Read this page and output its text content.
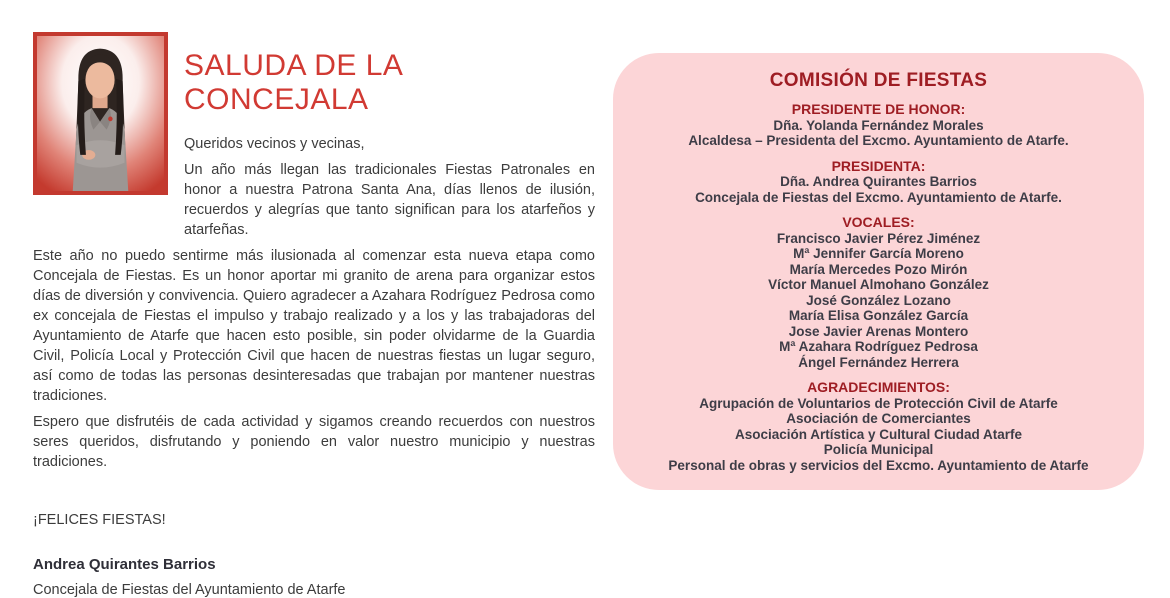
SALUDA DE LA CONCEJALA

Queridos vecinos y vecinas,

Un año más llegan las tradicionales Fiestas Patronales en honor a nuestra Patrona Santa Ana, días llenos de ilusión, recuerdos y alegrías que tanto significan para los atarfeños y atarfeñas.

Este año no puedo sentirme más ilusionada al comenzar esta nueva etapa como Concejala de Fiestas. Es un honor aportar mi granito de arena para organizar estos días de diversión y convivencia. Quiero agradecer a Azahara Rodríguez Pedrosa como ex concejala de Fiestas el impulso y trabajo realizado y a los y las trabajadoras del Ayuntamiento de Atarfe que hacen esto posible, sin poder olvidarme de la Guardia Civil, Policía Local y Protección Civil que hacen de nuestras fiestas un lugar seguro, así como de todas las personas desinteresadas que trabajan por mantener nuestras tradiciones.

Espero que disfrutéis de cada actividad y sigamos creando recuerdos con nuestros seres queridos, disfrutando y poniendo en valor nuestro municipio y nuestras tradiciones.

¡FELICES FIESTAS!

Andrea Quirantes Barrios

Concejala de Fiestas del Ayuntamiento de Atarfe

COMISIÓN DE FIESTAS
PRESIDENTE DE HONOR:
Dña. Yolanda Fernández Morales
Alcaldesa – Presidenta del Excmo. Ayuntamiento de Atarfe.
PRESIDENTA:
Dña. Andrea Quirantes Barrios
Concejala de Fiestas del Excmo. Ayuntamiento de Atarfe.
VOCALES:
Francisco Javier Pérez Jiménez
Mª Jennifer García Moreno
María Mercedes Pozo Mirón
Víctor Manuel Almohano González
José González Lozano
María Elisa González García
Jose Javier Arenas Montero
Mª Azahara Rodríguez Pedrosa
Ángel Fernández Herrera
AGRADECIMIENTOS:
Agrupación de Voluntarios de Protección Civil de Atarfe
Asociación de Comerciantes
Asociación Artística y Cultural Ciudad Atarfe
Policía Municipal
Personal de obras y servicios del Excmo. Ayuntamiento de Atarfe
